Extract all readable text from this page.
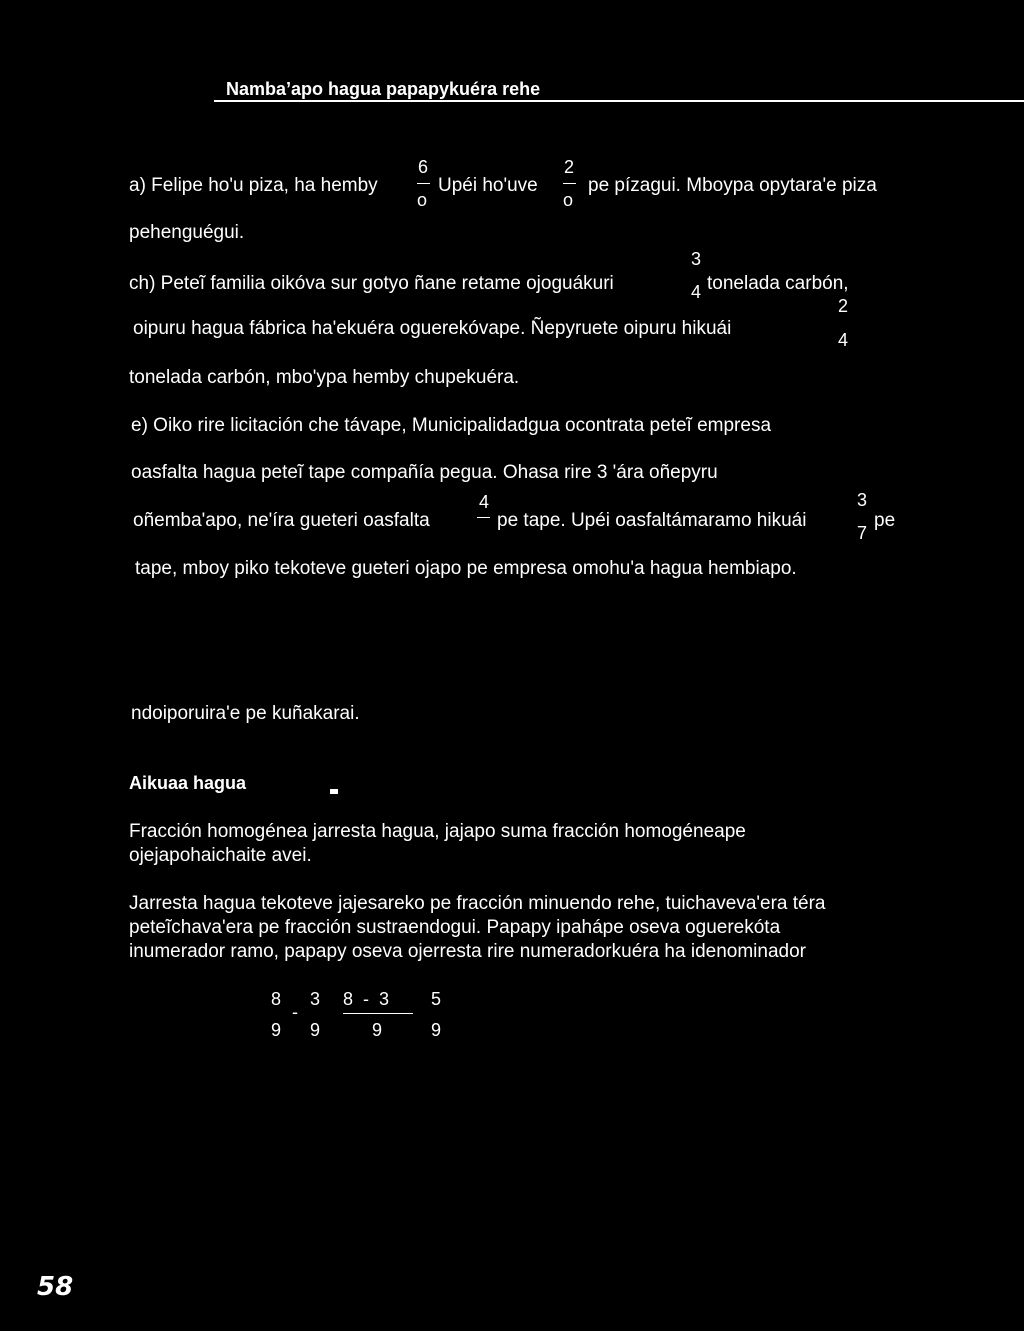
Namba’apo hagua papapykuéra rehe
a) Felipe ho'u piza, ha hemby
6
o
Upéi ho'uve
2
o
pe pízagui. Mboypa opytara'e piza
pehenguégui.
3
4
ch) Peteĩ familia oikóva sur gotyo ñane retame ojoguákuri	tonelada carbón,
2
oipuru hagua fábrica ha'ekuéra oguerekóvape. Ñepyruete oipuru hikuái
4
tonelada carbón, mbo'ypa hemby chupekuéra.
e) Oiko rire licitación che távape, Municipalidadgua ocontrata peteĩ empresa
oasfalta hagua peteĩ tape compañía pegua. Ohasa rire 3 'ára oñepyru
4
oñemba'apo, ne'íra gueteri oasfalta	pe tape. Upéi oasfaltámaramo hikuái
3
7
pe
tape, mboy piko tekoteve gueteri ojapo pe empresa omohu'a hagua hembiapo.
ndoiporuira'e pe kuñakarai.
Aikuaa hagua
Fracción homogénea jarresta hagua, jajapo suma fracción homogéneape
ojejapohaichaite avei.
Jarresta hagua tekoteve jajesareko pe fracción minuendo rehe, tuichaveva'era téra
peteĩchava'era pe fracción sustraendogui. Papapy ipaháp​e oseva oguerekóta
inumerador ramo, papapy oseva ojerresta rire numeradorkuéra ha idenominador
8
9
-
3
9
8  -  3
9
5
9
58
